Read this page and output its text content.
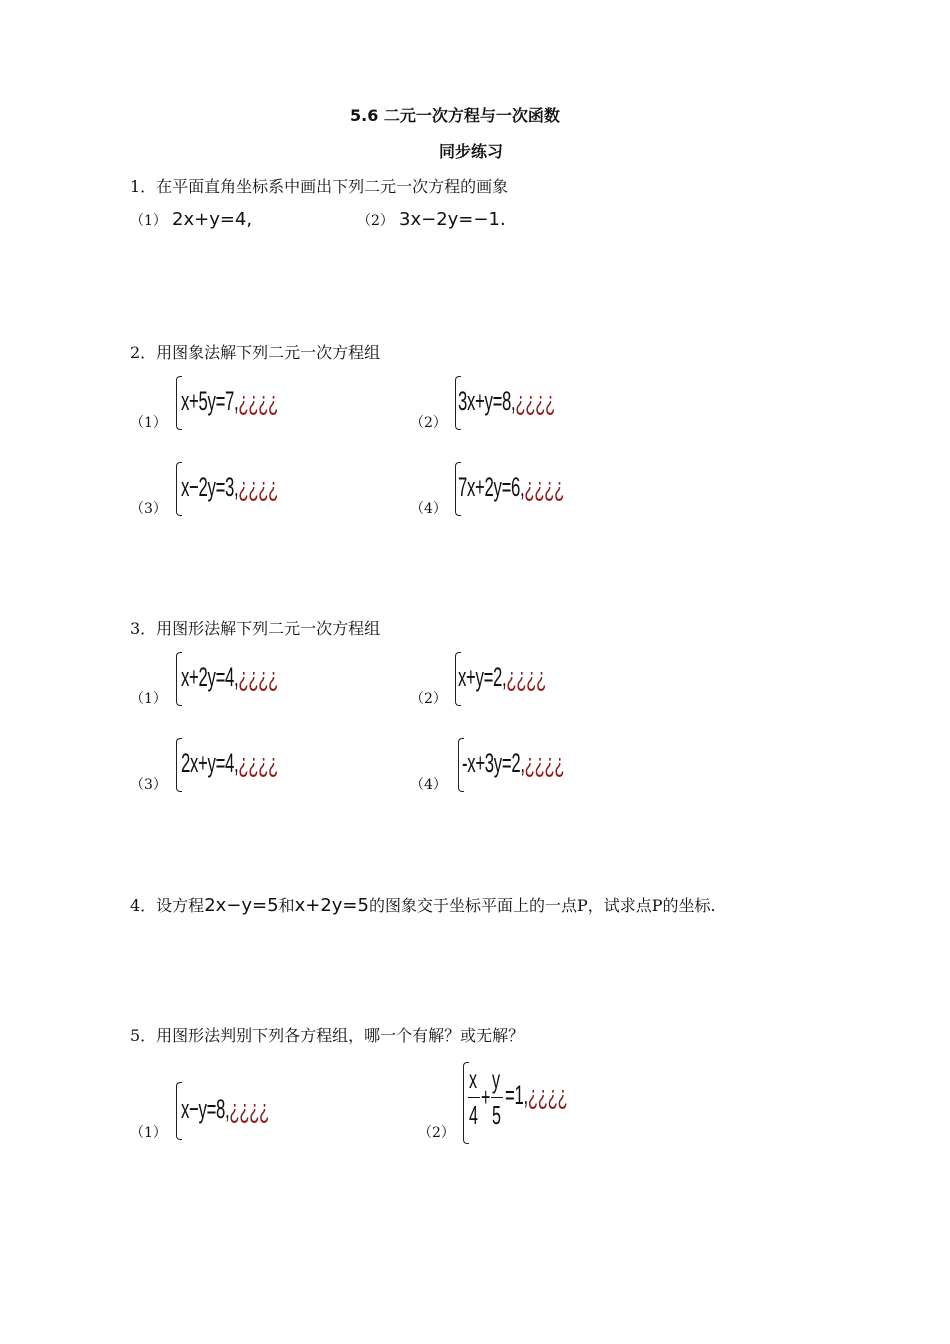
5.6 二元一次方程与一次函数
同步练习
1．在平面直角坐标系中画出下列二元一次方程的画象
（1） 2x+y=4,	（2） 3x−2y=−1.
2．用图象法解下列二元一次方程组
（1）
x+5y=7,¿¿¿¿
（2）
3x+y=8,¿¿¿¿
（3）
x−2y=3,¿¿¿¿
（4）
7x+2y=6,¿¿¿¿
3．用图形法解下列二元一次方程组
（1）
x+2y=4,¿¿¿¿
（2）
x+y=2,¿¿¿¿
（3）
2x+y=4,¿¿¿¿
（4）
-x+3y=2,¿¿¿¿
4．设方程2x−y=5和x+2y=5的图象交于坐标平面上的一点P，试求点P的坐标.
5．用图形法判别下列各方程组，哪一个有解？或无解？
（1）
x−y=8,¿¿¿¿
（2）
x
4
+
y
5
=1,¿¿¿¿
